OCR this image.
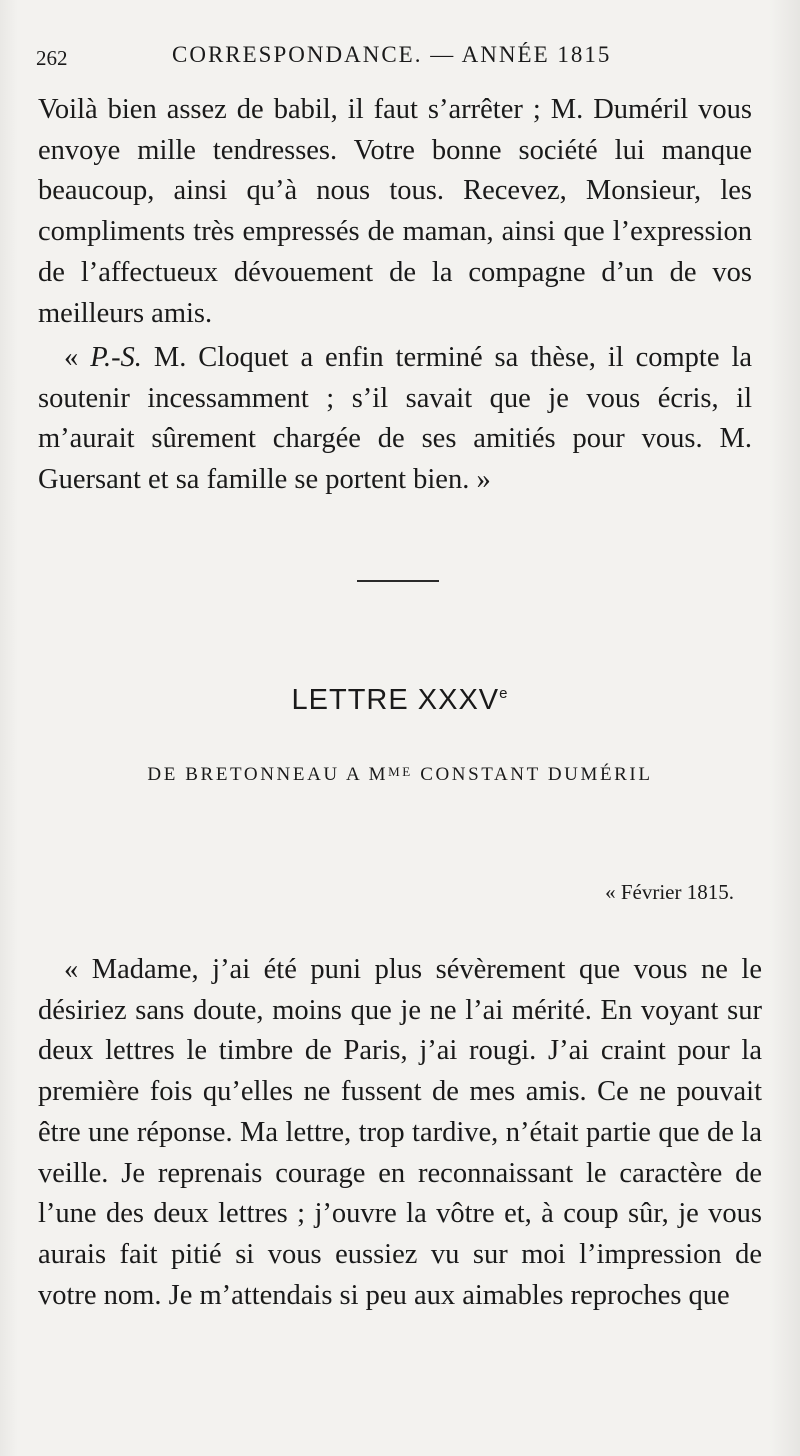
262	CORRESPONDANCE. — ANNÉE 1815

Voilà bien assez de babil, il faut s’arrêter ; M. Duméril vous envoye mille tendresses. Votre bonne société lui manque beaucoup, ainsi qu’à nous tous. Recevez, Monsieur, les compliments très empressés de maman, ainsi que l’expression de l’affectueux dévouement de la compagne d’un de vos meilleurs amis.

« P.-S. M. Cloquet a enfin terminé sa thèse, il compte la soutenir incessamment ; s’il savait que je vous écris, il m’aurait sûrement chargée de ses amitiés pour vous. M. Guersant et sa famille se portent bien. »

LETTRE XXXVe
DE BRETONNEAU A $M^{ME}$ CONSTANT DUMÉRIL
« Février 1815.

« Madame, j’ai été puni plus sévèrement que vous ne le désiriez sans doute, moins que je ne l’ai mérité. En voyant sur deux lettres le timbre de Paris, j’ai rougi. J’ai craint pour la première fois qu’elles ne fussent de mes amis. Ce ne pouvait être une réponse. Ma lettre, trop tardive, n’était partie que de la veille. Je reprenais courage en reconnaissant le caractère de l’une des deux lettres ; j’ouvre la vôtre et, à coup sûr, je vous aurais fait pitié si vous eussiez vu sur moi l’impression de votre nom. Je m’attendais si peu aux aimables reproches que
